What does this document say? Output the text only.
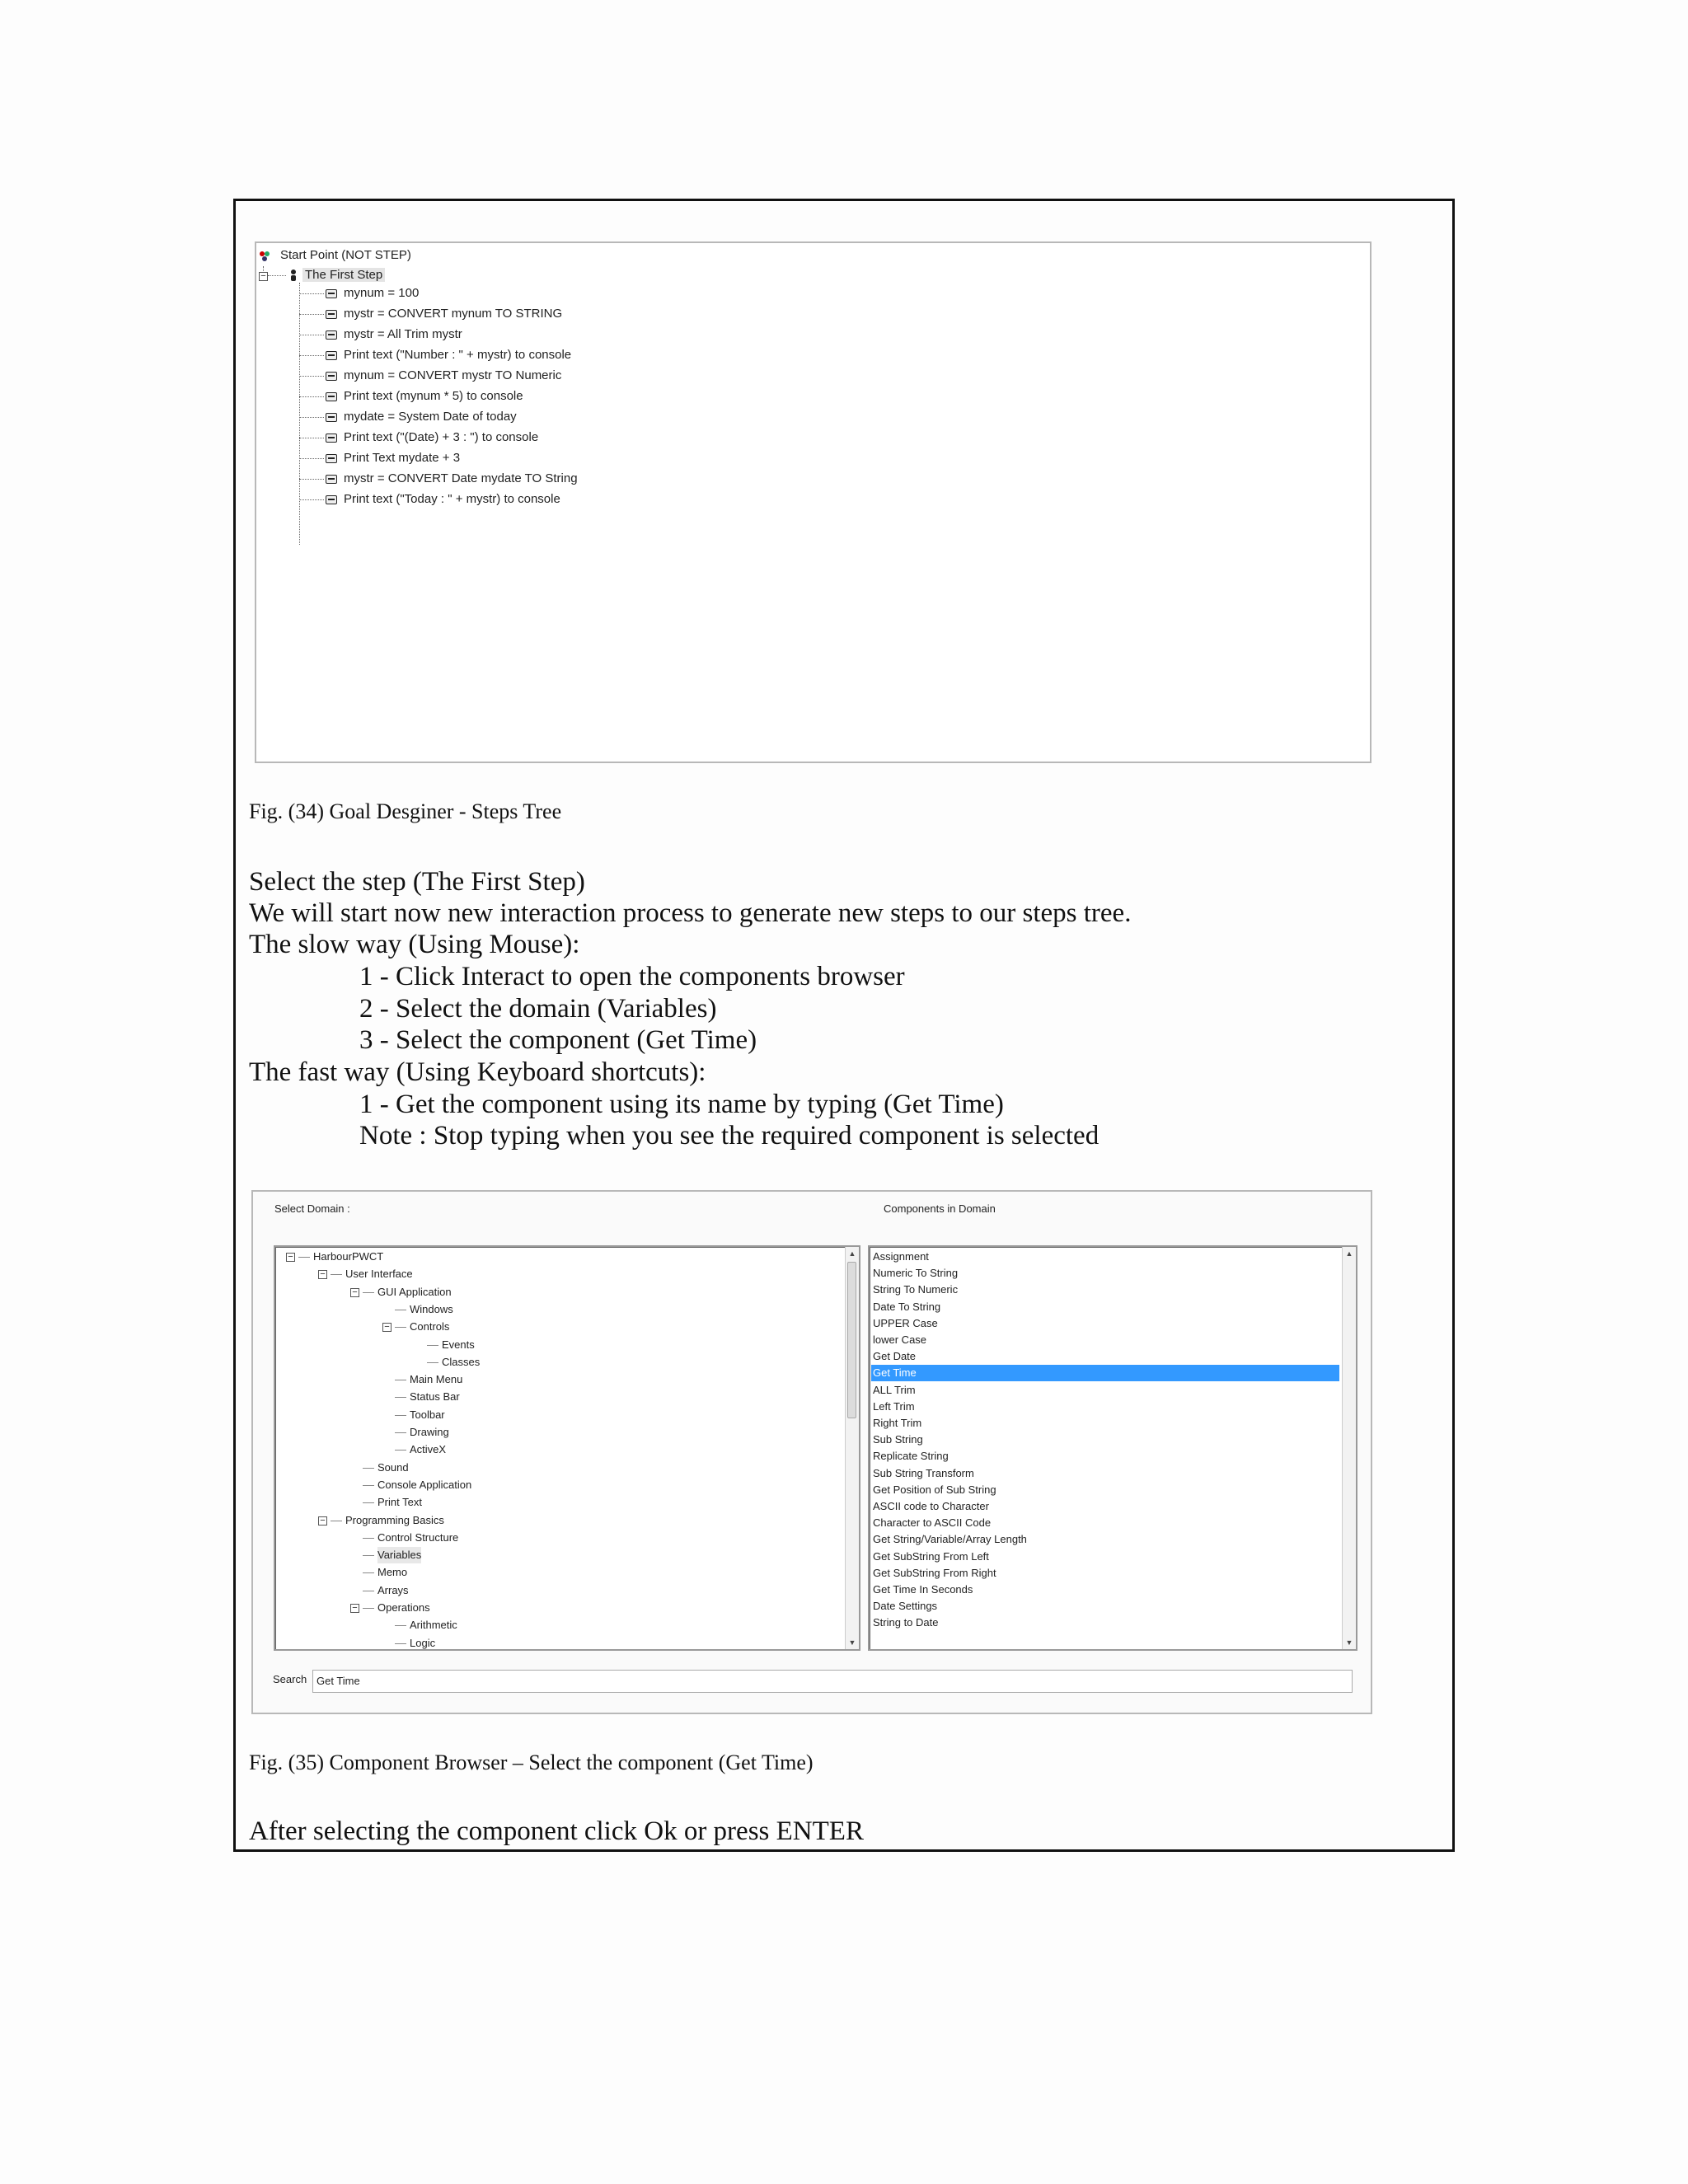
Start Point (NOT STEP)
−	The First Step
mynum = 100
mystr = CONVERT mynum TO STRING
mystr = All Trim mystr
Print text ("Number : " + mystr) to console
mynum = CONVERT mystr TO Numeric
Print text (mynum * 5) to console
mydate = System Date of today
Print text ("(Date) + 3 : ") to console
Print Text mydate + 3
mystr = CONVERT Date mydate TO String
Print text ("Today : " + mystr) to console
Fig. (34) Goal Desginer - Steps Tree
Select the step (The First Step)
We will start now new interaction process to generate new steps to our steps tree.
The slow way (Using Mouse):
1 - Click Interact to open the components browser
2 - Select the domain (Variables)
3 - Select the component (Get Time)
The fast way (Using Keyboard shortcuts):
1 - Get the component using its name by typing (Get Time)
Note : Stop typing when you see the required component is selected
Select Domain :	Components in Domain
− HarbourPWCT
− User Interface
− GUI Application
Windows
− Controls
Events
Classes
Main Menu
Status Bar
Toolbar
Drawing
ActiveX
Sound
Console Application
Print Text
− Programming Basics
Control Structure
Variables
Memo
Arrays
− Operations
Arithmetic
Logic
▲
▼
Assignment
Numeric To String
String To Numeric
Date To String
UPPER Case
lower Case
Get Date
Get Time
ALL Trim
Left Trim
Right Trim
Sub String
Replicate String
Sub String Transform
Get Position of Sub String
ASCII code to Character
Character to ASCII Code
Get String/Variable/Array Length
Get SubString From Left
Get SubString From Right
Get Time In Seconds
Date Settings
String to Date
▲
▼
Search Get Time
Fig. (35) Component Browser – Select the component (Get Time)
After selecting the component click Ok or press ENTER
